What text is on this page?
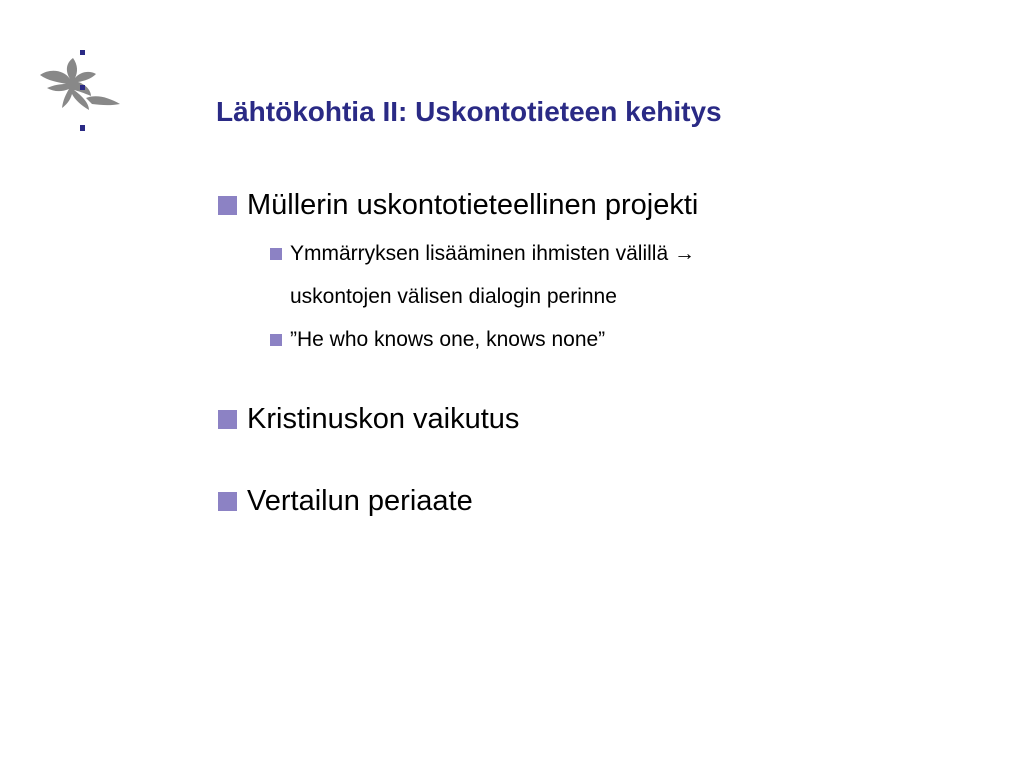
Lähtökohtia II: Uskontotieteen kehitys
Müllerin uskontotieteellinen projekti
Ymmärryksen lisääminen ihmisten välillä →
uskontojen välisen dialogin perinne
”He who knows one, knows none”
Kristinuskon vaikutus
Vertailun periaate
